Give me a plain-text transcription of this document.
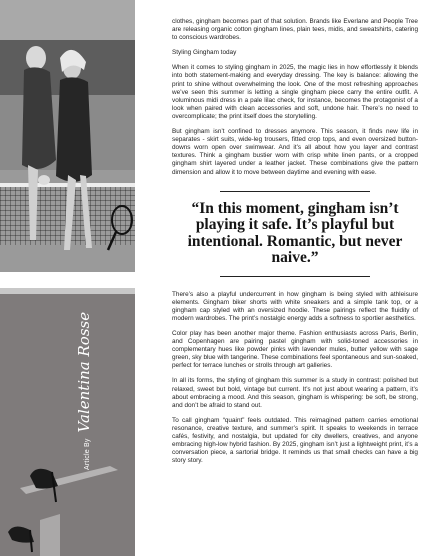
Article By
Valentina Rosse

clothes, gingham becomes part of that solution. Brands like Everlane and People Tree are releasing organic cotton gingham lines, plain tees, midis, and sweatshirts, catering to conscious wardrobes.

Styling Gingham today

When it comes to styling gingham in 2025, the magic lies in how effortlessly it blends into both statement-making and everyday dressing. The key is balance: allowing the print to shine without overwhelming the look. One of the most refreshing approaches we’ve seen this summer is letting a single gingham piece carry the entire outfit. A voluminous midi dress in a pale lilac check, for instance, becomes the protagonist of a look when paired with clean accessories and soft, undone hair. There’s no need to overcomplicate; the print itself does the storytelling.

But gingham isn’t confined to dresses anymore. This season, it finds new life in separates - skirt suits, wide-leg trousers, fitted crop tops, and even oversized button-downs worn open over swimwear. And it’s all about how you layer and contrast textures. Think a gingham bustier worn with crisp white linen pants, or a cropped gingham shirt layered under a leather jacket. These combinations give the pattern dimension and allow it to move between daytime and evening with ease.

“In this moment, gingham isn’t playing it safe. It’s playful but intentional. Romantic, but never naive.”

There’s also a playful undercurrent in how gingham is being styled with athleisure elements. Gingham biker shorts with white sneakers and a simple tank top, or a gingham cap styled with an oversized hoodie. These pairings reflect the fluidity of modern wardrobes. The print’s nostalgic energy adds a softness to sportier aesthetics.

Color play has been another major theme. Fashion enthusiasts across Paris, Berlin, and Copenhagen are pairing pastel gingham with solid-toned accessories in complementary hues like powder pinks with lavender mules, butter yellow with sage green, sky blue with tangerine. These combinations feel spontaneous and sun-soaked, perfect for terrace lunches or strolls through art galleries.

In all its forms, the styling of gingham this summer is a study in contrast: polished but relaxed, sweet but bold, vintage but current. It’s not just about wearing a pattern, it’s about embracing a mood. And this season, gingham is whispering: be soft, be strong, and don’t be afraid to stand out.

To call gingham “quaint” feels outdated. This reimagined pattern carries emotional resonance, creative texture, and summer’s spirit. It speaks to weekends in terrace cafés, festivity, and nostalgia, but updated for city dwellers, creatives, and anyone embracing high-low hybrid fashion. By 2025, gingham isn’t just a lightweight print, it’s a conversation piece, a sartorial bridge. It reminds us that small checks can have a big story story.
